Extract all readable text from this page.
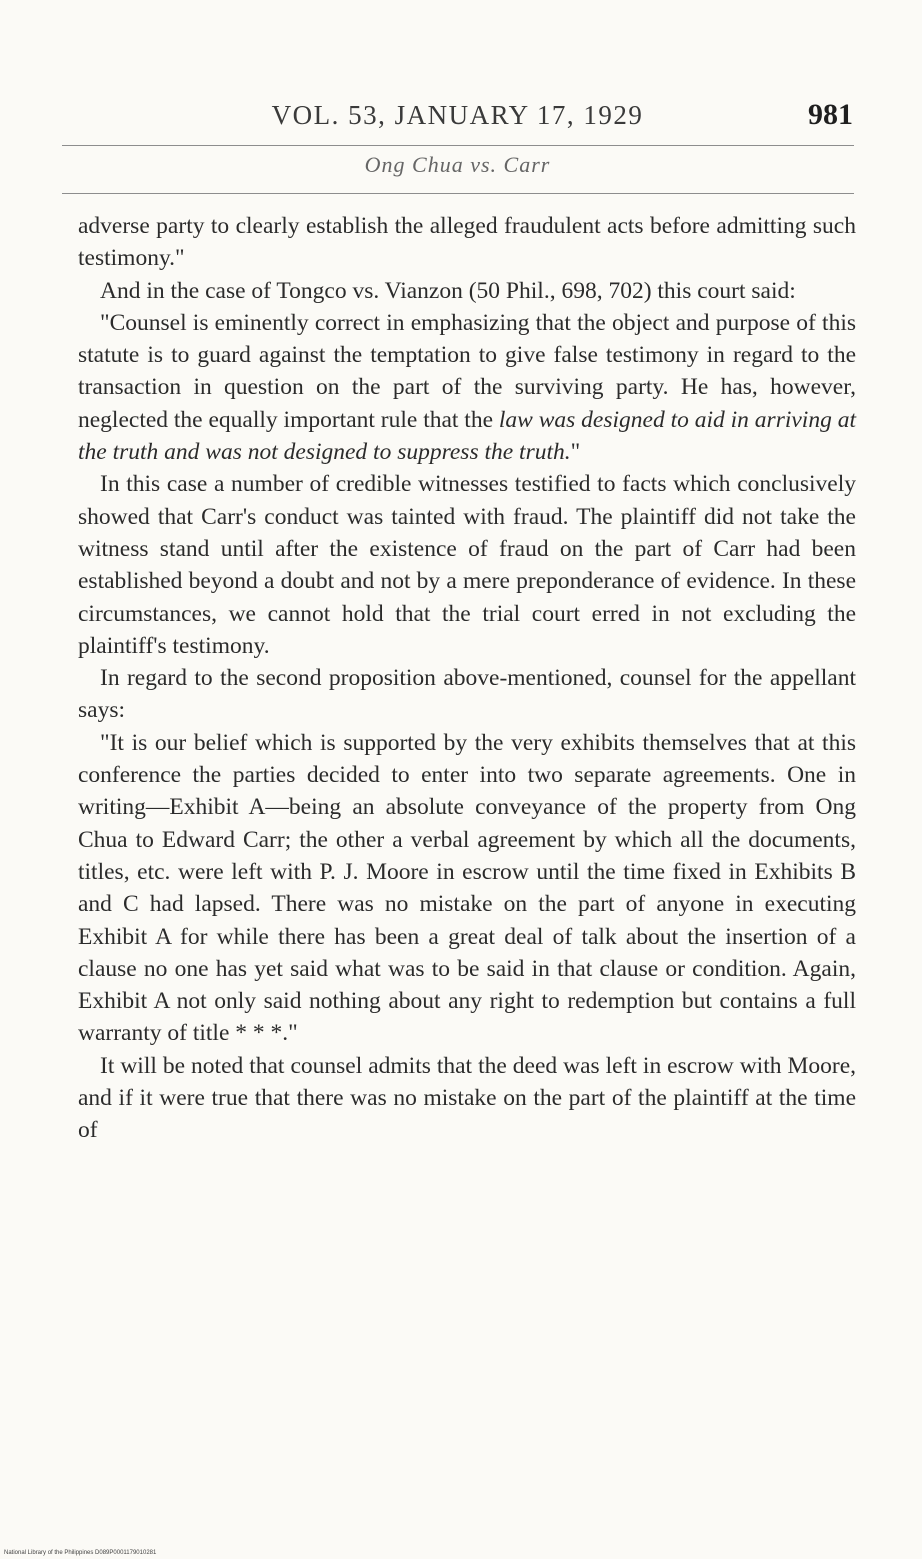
VOL. 53, JANUARY 17, 1929	981
Ong Chua vs. Carr

adverse party to clearly establish the alleged fraudulent acts before admitting such testimony."

And in the case of Tongco vs. Vianzon (50 Phil., 698, 702) this court said:

"Counsel is eminently correct in emphasizing that the object and purpose of this statute is to guard against the temptation to give false testimony in regard to the transaction in question on the part of the surviving party. He has, however, neglected the equally important rule that the law was designed to aid in arriving at the truth and was not designed to suppress the truth."

In this case a number of credible witnesses testified to facts which conclusively showed that Carr's conduct was tainted with fraud. The plaintiff did not take the witness stand until after the existence of fraud on the part of Carr had been established beyond a doubt and not by a mere preponderance of evidence. In these circumstances, we cannot hold that the trial court erred in not excluding the plaintiff's testimony.

In regard to the second proposition above-mentioned, counsel for the appellant says:

"It is our belief which is supported by the very exhibits themselves that at this conference the parties decided to enter into two separate agreements. One in writing—Exhibit A—being an absolute conveyance of the property from Ong Chua to Edward Carr; the other a verbal agreement by which all the documents, titles, etc. were left with P. J. Moore in escrow until the time fixed in Exhibits B and C had lapsed. There was no mistake on the part of anyone in executing Exhibit A for while there has been a great deal of talk about the insertion of a clause no one has yet said what was to be said in that clause or condition. Again, Exhibit A not only said nothing about any right to redemption but contains a full warranty of title * * *."

It will be noted that counsel admits that the deed was left in escrow with Moore, and if it were true that there was no mistake on the part of the plaintiff at the time of

National Library of the Philippines D089P0001179010281
